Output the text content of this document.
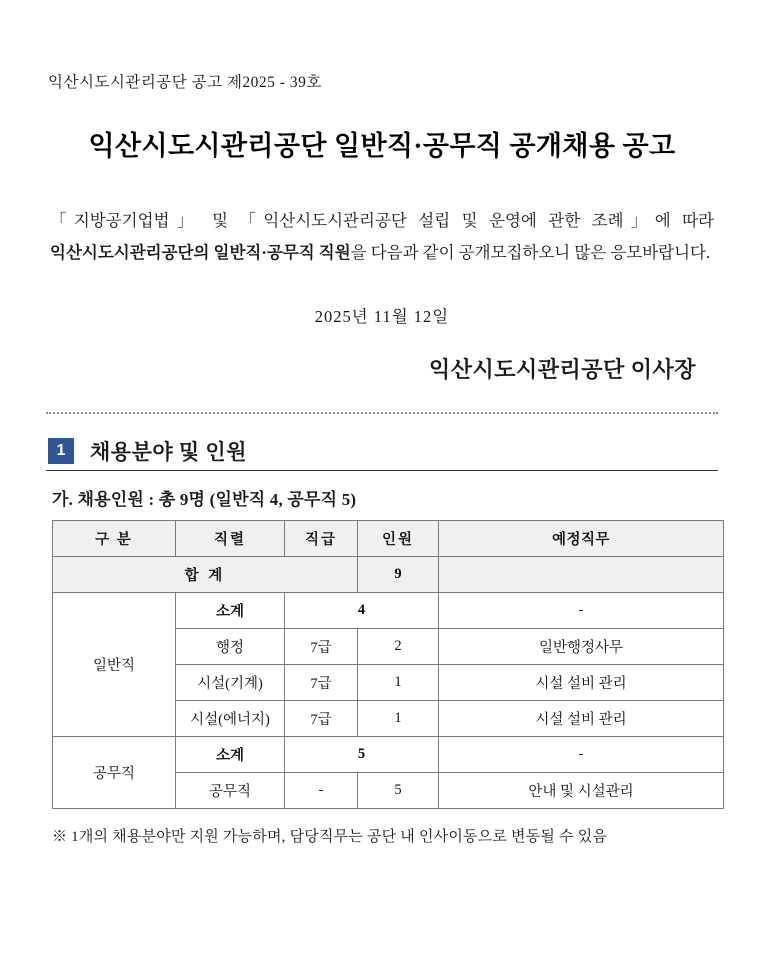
익산시도시관리공단 공고 제2025 - 39호
익산시도시관리공단 일반직·공무직 공개채용 공고

「지방공기업법」 및 「익산시도시관리공단 설립 및 운영에 관한 조례」에 따라 익산시도시관리공단의 일반직·공무직 직원을 다음과 같이 공개모집하오니 많은 응모바랍니다.

2025년 11월 12일
익산시도시관리공단 이사장
1	채용분야 및 인원
가. 채용인원 : 총 9명 (일반직 4, 공무직 5)
구 분	직렬	직급	인원	예정직무
합 계			9	
일반직	소계	4		-
	행정	7급	2	일반행정사무
	시설(기계)	7급	1	시설 설비 관리
	시설(에너지)	7급	1	시설 설비 관리
공무직	소계	5		-
	공무직	-	5	안내 및 시설관리
※ 1개의 채용분야만 지원 가능하며, 담당직무는 공단 내 인사이동으로 변동될 수 있음
